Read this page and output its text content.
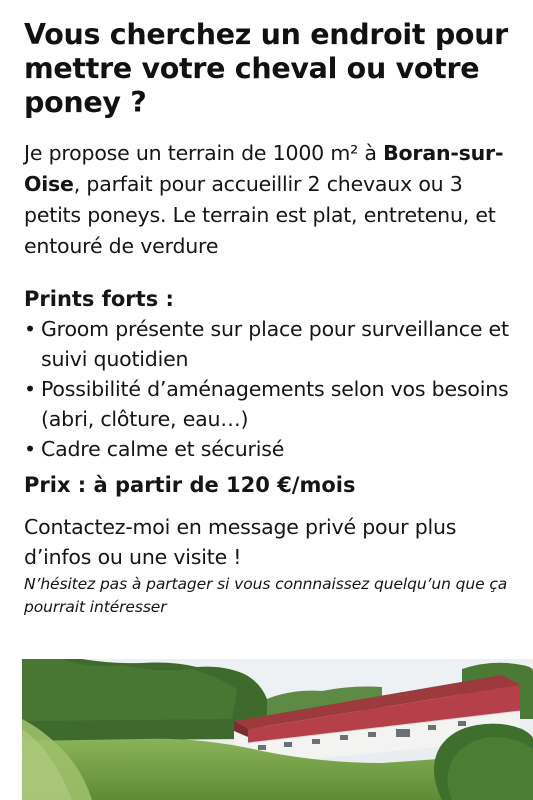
Vous cherchez un endroit pour mettre votre cheval ou votre poney ?

Je propose un terrain de 1000 m² à Boran-sur-Oise, parfait pour accueillir 2 chevaux ou 3 petits poneys. Le terrain est plat, entretenu, et entouré de verdure

Prints forts :
• Groom présente sur place pour surveillance et suivi quotidien
• Possibilité d’aménagements selon vos besoins (abri, clôture, eau…)
• Cadre calme et sécurisé
Prix : à partir de 120 €/mois
Contactez-moi en message privé pour plus d’infos ou une visite !
N’hésitez pas à partager si vous connnaissez quelqu’un que ça pourrait intéresser
